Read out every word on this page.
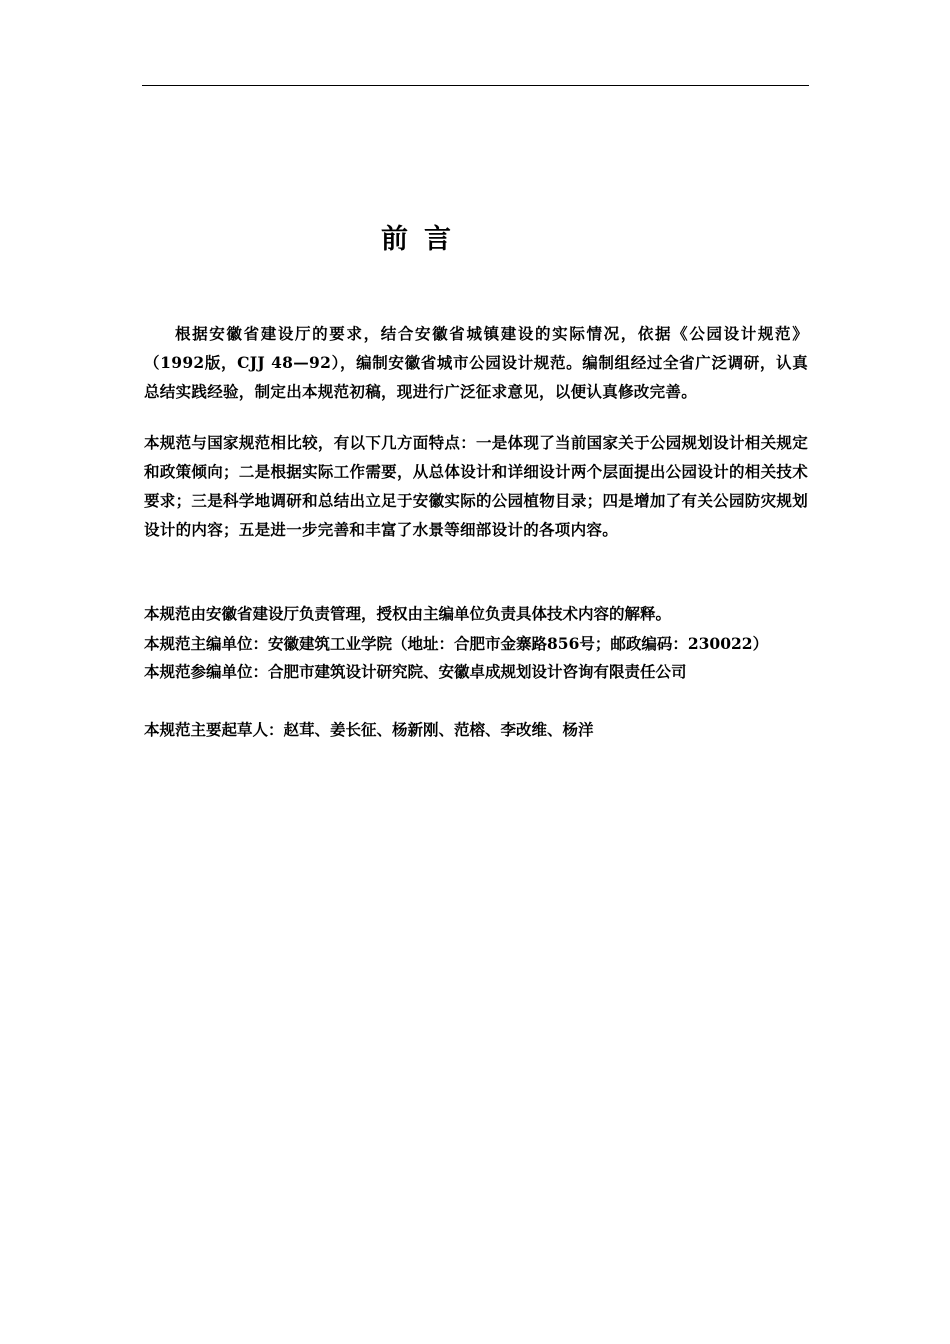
前言
根据安徽省建设厅的要求，结合安徽省城镇建设的实际情况，依据《公园设计规范》（1992版，CJJ 48—92），编制安徽省城市公园设计规范。编制组经过全省广泛调研，认真总结实践经验，制定出本规范初稿，现进行广泛征求意见，以便认真修改完善。
本规范与国家规范相比较，有以下几方面特点：一是体现了当前国家关于公园规划设计相关规定和政策倾向；二是根据实际工作需要，从总体设计和详细设计两个层面提出公园设计的相关技术要求；三是科学地调研和总结出立足于安徽实际的公园植物目录；四是增加了有关公园防灾规划设计的内容；五是进一步完善和丰富了水景等细部设计的各项内容。
本规范由安徽省建设厅负责管理，授权由主编单位负责具体技术内容的解释。
本规范主编单位：安徽建筑工业学院（地址：合肥市金寨路856号；邮政编码：230022）
本规范参编单位：合肥市建筑设计研究院、安徽卓成规划设计咨询有限责任公司
本规范主要起草人：赵茸、姜长征、杨新刚、范榕、李改维、杨洋
